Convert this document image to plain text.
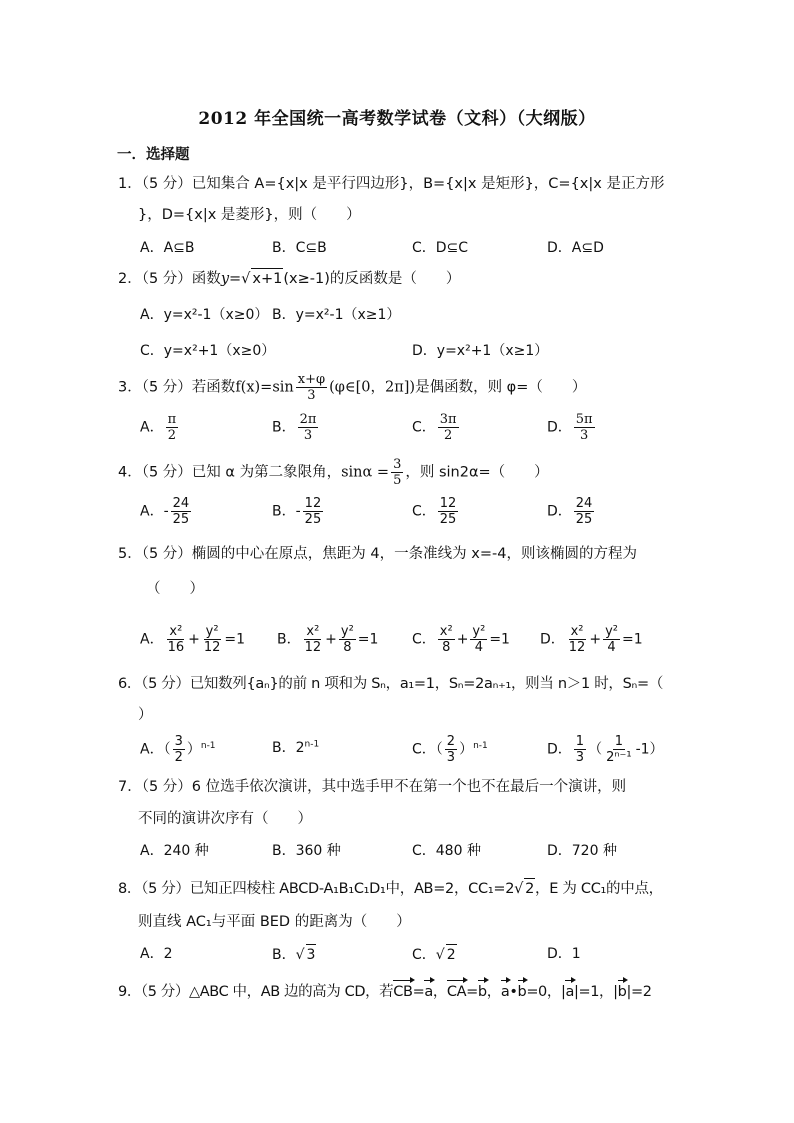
2012 年全国统一高考数学试卷（文科）（大纲版）
一．选择题
1．（5 分）已知集合 A={x|x 是平行四边形}，B={x|x 是矩形}，C={x|x 是正方形
}，D={x|x 是菱形}，则（　　）
A．A⊆B	B．C⊆B	C．D⊆C	D．A⊆D
2．（5 分）函数y=√ x+1(x≥-1)的反函数是（　　）
A．y=x²-1（x≥0） B．y=x²-1（x≥1）
C．y=x²+1（x≥0）	D．y=x²+1（x≥1）
3．（5 分）若函数$f(x)=\sin \frac{x+\varphi}{3}$ (φ∈[0，2π])是偶函数，则 φ=（　　）
A． $\frac{\pi}{2}$	B． $\frac{2\pi}{3}$	C． $\frac{3\pi}{2}$	D． $\frac{5\pi}{3}$
4．（5 分）已知 α 为第二象限角，$\sin\alpha = \frac{3}{5}$ ，则 sin2α=（　　）
A．- $\frac{24}{25}$	B．- $\frac{12}{25}$	C． $\frac{12}{25}$	D． $\frac{24}{25}$
5．（5 分）椭圆的中心在原点，焦距为 4，一条准线为 x=-4，则该椭圆的方程为
（　　）
A． $\frac{\text{x²}}{16} + \frac{\text{y²}}{12} =1$ B． $\frac{\text{x²}}{12} + \frac{\text{y²}}{8} =1$ C． $\frac{\text{x²}}{8} + \frac{\text{y²}}{4} =1$ D． $\frac{\text{x²}}{12} + \frac{\text{y²}}{4} =1$
6．（5 分）已知数列{aₙ}的前 n 项和为 Sₙ，a₁=1，Sₙ=2aₙ₊₁，则当 n＞1 时，Sₙ=（
）
A．（ $\frac{3}{2} )^{n-1}$	B．2$^{n-1}$	C．（ $\frac{2}{3} )^{n-1}$	D． $\frac{1}{3}$ （ $\frac{1}{\text{2ⁿ⁻¹}} -1$）
7．（5 分）6 位选手依次演讲，其中选手甲不在第一个也不在最后一个演讲，则
不同的演讲次序有（　　）
A．240 种	B．360 种	C．480 种	D．720 种
8．（5 分）已知正四棱柱 ABCD-A₁B₁C₁D₁中，AB=2，CC₁=2√ 2，E 为 CC₁的中点，
则直线 AC₁与平面 BED 的距离为（　　）
A．2	B．√ 3	C．√ 2	D．1
9．（5 分）△ABC 中，AB 边的高为 CD，若CB=a，CA=b，a•b=0，|a|=1，|b|=2
